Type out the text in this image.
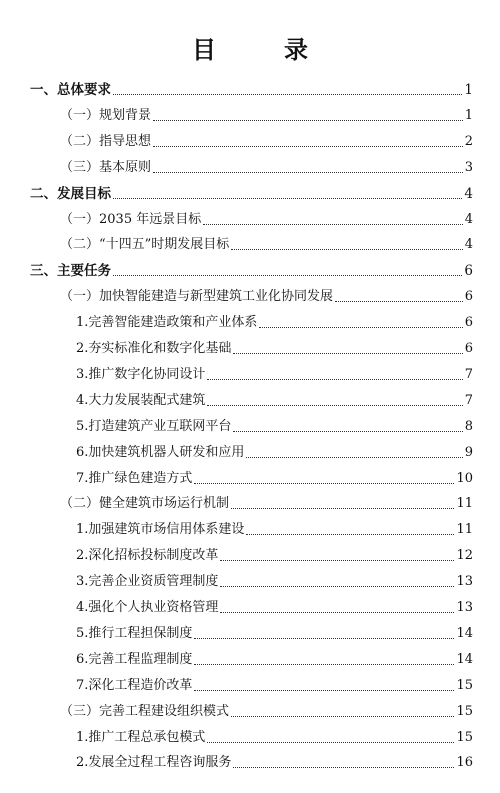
目　录
一、总体要求	1
（一）规划背景	1
（二）指导思想	2
（三）基本原则	3
二、发展目标	4
（一）2035 年远景目标	4
（二）“十四五”时期发展目标	4
三、主要任务	6
（一）加快智能建造与新型建筑工业化协同发展	6
1.完善智能建造政策和产业体系	6
2.夯实标准化和数字化基础	6
3.推广数字化协同设计	7
4.大力发展装配式建筑	7
5.打造建筑产业互联网平台	8
6.加快建筑机器人研发和应用	9
7.推广绿色建造方式	10
（二）健全建筑市场运行机制	11
1.加强建筑市场信用体系建设	11
2.深化招标投标制度改革	12
3.完善企业资质管理制度	13
4.强化个人执业资格管理	13
5.推行工程担保制度	14
6.完善工程监理制度	14
7.深化工程造价改革	15
（三）完善工程建设组织模式	15
1.推广工程总承包模式	15
2.发展全过程工程咨询服务	16
